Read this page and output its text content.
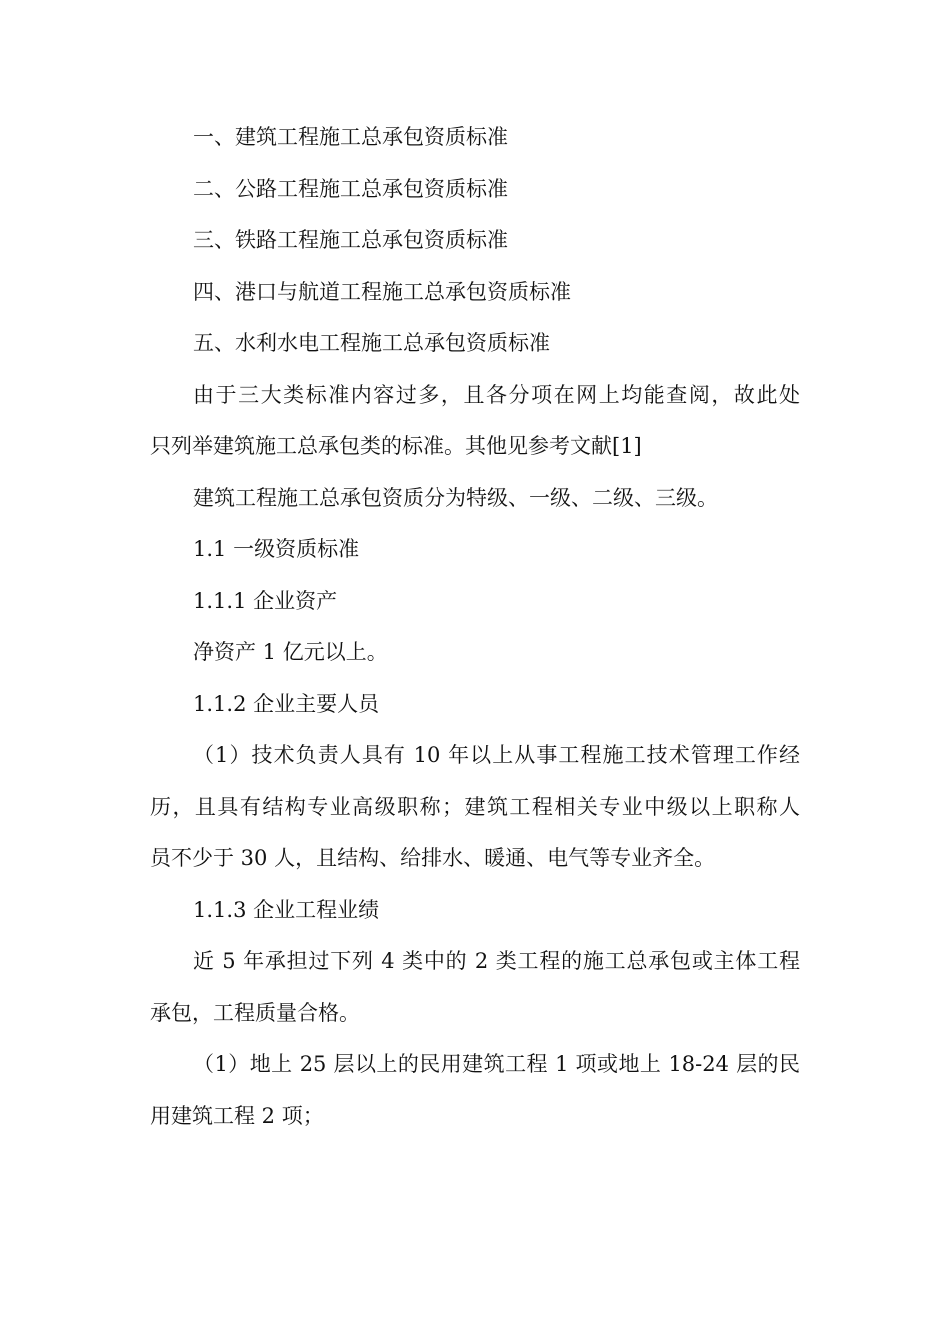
一、建筑工程施工总承包资质标准
二、公路工程施工总承包资质标准
三、铁路工程施工总承包资质标准
四、港口与航道工程施工总承包资质标准
五、水利水电工程施工总承包资质标准
由于三大类标准内容过多，且各分项在网上均能查阅，故此处
只列举建筑施工总承包类的标准。其他见参考文献[1]
建筑工程施工总承包资质分为特级、一级、二级、三级。
1.1 一级资质标准
1.1.1 企业资产
净资产 1 亿元以上。
1.1.2 企业主要人员
（1）技术负责人具有 10 年以上从事工程施工技术管理工作经
历，且具有结构专业高级职称；建筑工程相关专业中级以上职称人
员不少于 30 人，且结构、给排水、暖通、电气等专业齐全。
1.1.3 企业工程业绩
近 5 年承担过下列 4 类中的 2 类工程的施工总承包或主体工程
承包，工程质量合格。
（1）地上 25 层以上的民用建筑工程 1 项或地上 18-24 层的民
用建筑工程 2 项；
